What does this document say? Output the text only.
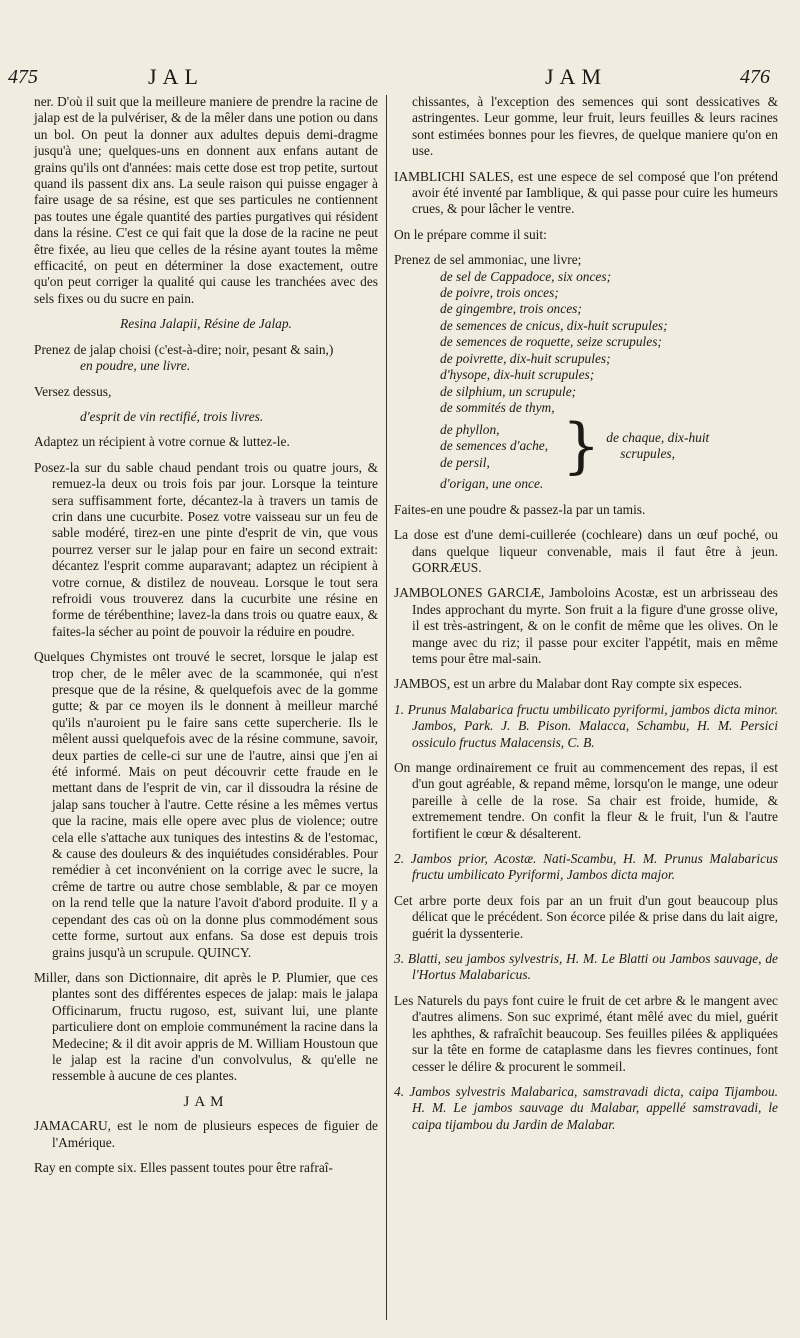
475	JAL	JAM	476

ner. D'où il suit que la meilleure maniere de prendre la racine de jalap est de la pulvériser, & de la mêler dans une potion ou dans un bol. On peut la donner aux adultes depuis demi-dragme jusqu'à une; quelques-uns en donnent aux enfans autant de grains qu'ils ont d'années: mais cette dose est trop petite, surtout quand ils passent dix ans. La seule raison qui puisse engager à faire usage de sa résine, est que ses particules ne contiennent pas toutes une égale quantité des parties purgatives qui résident dans la résine. C'est ce qui fait que la dose de la racine ne peut être fixée, au lieu que celles de la résine ayant toutes la même efficacité, on peut en déterminer la dose exactement, outre qu'on peut corriger la qualité qui cause les tranchées avec des sels fixes ou du sucre en pain.

Resina Jalapii, Résine de Jalap.

Prenez de jalap choisi (c'est-à-dire; noir, pesant & sain,)
en poudre, une livre.

Versez dessus,

d'esprit de vin rectifié, trois livres.

Adaptez un récipient à votre cornue & luttez-le.

Posez-la sur du sable chaud pendant trois ou quatre jours, & remuez-la deux ou trois fois par jour. Lorsque la teinture sera suffisamment forte, décantez-la à travers un tamis de crin dans une cucurbite. Posez votre vaisseau sur un feu de sable modéré, tirez-en une pinte d'esprit de vin, que vous pourrez verser sur le jalap pour en faire un second extrait: décantez l'esprit comme auparavant; adaptez un récipient à votre cornue, & distilez de nouveau. Lorsque le tout sera refroidi vous trouverez dans la cucurbite une résine en forme de térébenthine; lavez-la dans trois ou quatre eaux, & faites-la sécher au point de pouvoir la réduire en poudre.

Quelques Chymistes ont trouvé le secret, lorsque le jalap est trop cher, de le mêler avec de la scammonée, qui n'est presque que de la résine, & quelquefois avec de la gomme gutte; & par ce moyen ils le donnent à meilleur marché qu'ils n'auroient pu le faire sans cette supercherie. Ils le mêlent aussi quelquefois avec de la résine commune, savoir, deux parties de celle-ci sur une de l'autre, ainsi que j'en ai été informé. Mais on peut découvrir cette fraude en le mettant dans de l'esprit de vin, car il dissoudra la résine de jalap sans toucher à l'autre. Cette résine a les mêmes vertus que la racine, mais elle opere avec plus de violence; outre cela elle s'attache aux tuniques des intestins & de l'estomac, & cause des douleurs & des inquiétudes considérables. Pour remédier à cet inconvénient on la corrige avec le sucre, la crême de tartre ou autre chose semblable, & par ce moyen on la rend telle que la nature l'avoit d'abord produite. Il y a cependant des cas où on la donne plus commodément sous cette forme, surtout aux enfans. Sa dose est depuis trois grains jusqu'à un scrupule. QUINCY.

Miller, dans son Dictionnaire, dit après le P. Plumier, que ces plantes sont des différentes especes de jalap: mais le jalapa Officinarum, fructu rugoso, est, suivant lui, une plante particuliere dont on emploie communément la racine dans la Medecine; & il dit avoir appris de M. William Houstoun que le jalap est la racine d'un convolvulus, & qu'elle ne ressemble à aucune de ces plantes.

JAM

JAMACARU, est le nom de plusieurs especes de figuier de l'Amérique.

Ray en compte six. Elles passent toutes pour être rafraî-

chissantes, à l'exception des semences qui sont dessicatives & astringentes. Leur gomme, leur fruit, leurs feuilles & leurs racines sont estimées bonnes pour les fievres, de quelque maniere qu'on en use.

IAMBLICHI SALES, est une espece de sel composé que l'on prétend avoir été inventé par Iamblique, & qui passe pour cuire les humeurs crues, & pour lâcher le ventre.

On le prépare comme il suit:

Prenez de sel ammoniac, une livre;
de sel de Cappadoce, six onces;
de poivre, trois onces;
de gingembre, trois onces;
de semences de cnicus, dix-huit scrupules;
de semences de roquette, seize scrupules;
de poivrette, dix-huit scrupules;
d'hysope, dix-huit scrupules;
de silphium, un scrupule;
de sommités de thym,
de phyllon,
de semences d'ache,
de persil,	} de chaque, dix-huit
scrupules,
d'origan, une once.

Faites-en une poudre & passez-la par un tamis.

La dose est d'une demi-cuillerée (cochleare) dans un œuf poché, ou dans quelque liqueur convenable, mais il faut être à jeun. GORRÆUS.

JAMBOLONES GARCIÆ, Jamboloins Acostæ, est un arbrisseau des Indes approchant du myrte. Son fruit a la figure d'une grosse olive, il est très-astringent, & on le confit de même que les olives. On le mange avec du riz; il passe pour exciter l'appétit, mais en même tems pour être mal-sain.

JAMBOS, est un arbre du Malabar dont Ray compte six especes.

1. Prunus Malabarica fructu umbilicato pyriformi, jambos dicta minor. Jambos, Park. J. B. Pison. Malacca, Schambu, H. M. Persici ossiculo fructus Malacensis, C. B.

On mange ordinairement ce fruit au commencement des repas, il est d'un gout agréable, & repand même, lorsqu'on le mange, une odeur pareille à celle de la rose. Sa chair est froide, humide, & extremement tendre. On confit la fleur & le fruit, l'un & l'autre fortifient le cœur & désalterent.

2. Jambos prior, Acostæ. Nati-Scambu, H. M. Prunus Malabaricus fructu umbilicato Pyriformi, Jambos dicta major.

Cet arbre porte deux fois par an un fruit d'un gout beaucoup plus délicat que le précédent. Son écorce pilée & prise dans du lait aigre, guérit la dyssenterie.

3. Blatti, seu jambos sylvestris, H. M. Le Blatti ou Jambos sauvage, de l'Hortus Malabaricus.

Les Naturels du pays font cuire le fruit de cet arbre & le mangent avec d'autres alimens. Son suc exprimé, étant mêlé avec du miel, guérit les aphthes, & rafraîchit beaucoup. Ses feuilles pilées & appliquées sur la tête en forme de cataplasme dans les fievres continues, font cesser le délire & procurent le sommeil.

4. Jambos sylvestris Malabarica, samstravadi dicta, caipa Tijambou. H. M. Le jambos sauvage du Malabar, appellé samstravadi, le caipa tijambou du Jardin de Malabar.
